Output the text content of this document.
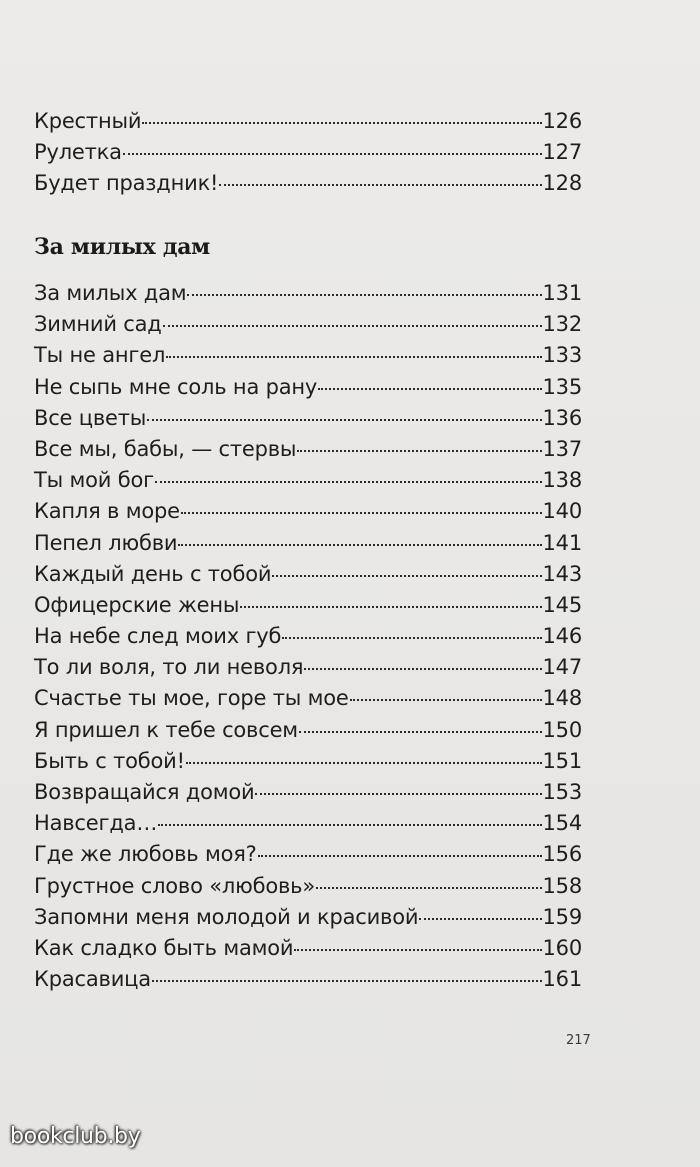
Крестный	126
Рулетка	127
Будет праздник!	128
За милых дам
За милых дам	131
Зимний сад	132
Ты не ангел	133
Не сыпь мне соль на рану	135
Все цветы	136
Все мы, бабы, — стервы	137
Ты мой бог	138
Капля в море	140
Пепел любви	141
Каждый день с тобой	143
Офицерские жены	145
На небе след моих губ	146
То ли воля, то ли неволя	147
Счастье ты мое, горе ты мое	148
Я пришел к тебе совсем	150
Быть с тобой!	151
Возвращайся домой	153
Навсегда…	154
Где же любовь моя?	156
Грустное слово «любовь»	158
Запомни меня молодой и красивой	159
Как сладко быть мамой	160
Красавица	161
217
bookclub.by
